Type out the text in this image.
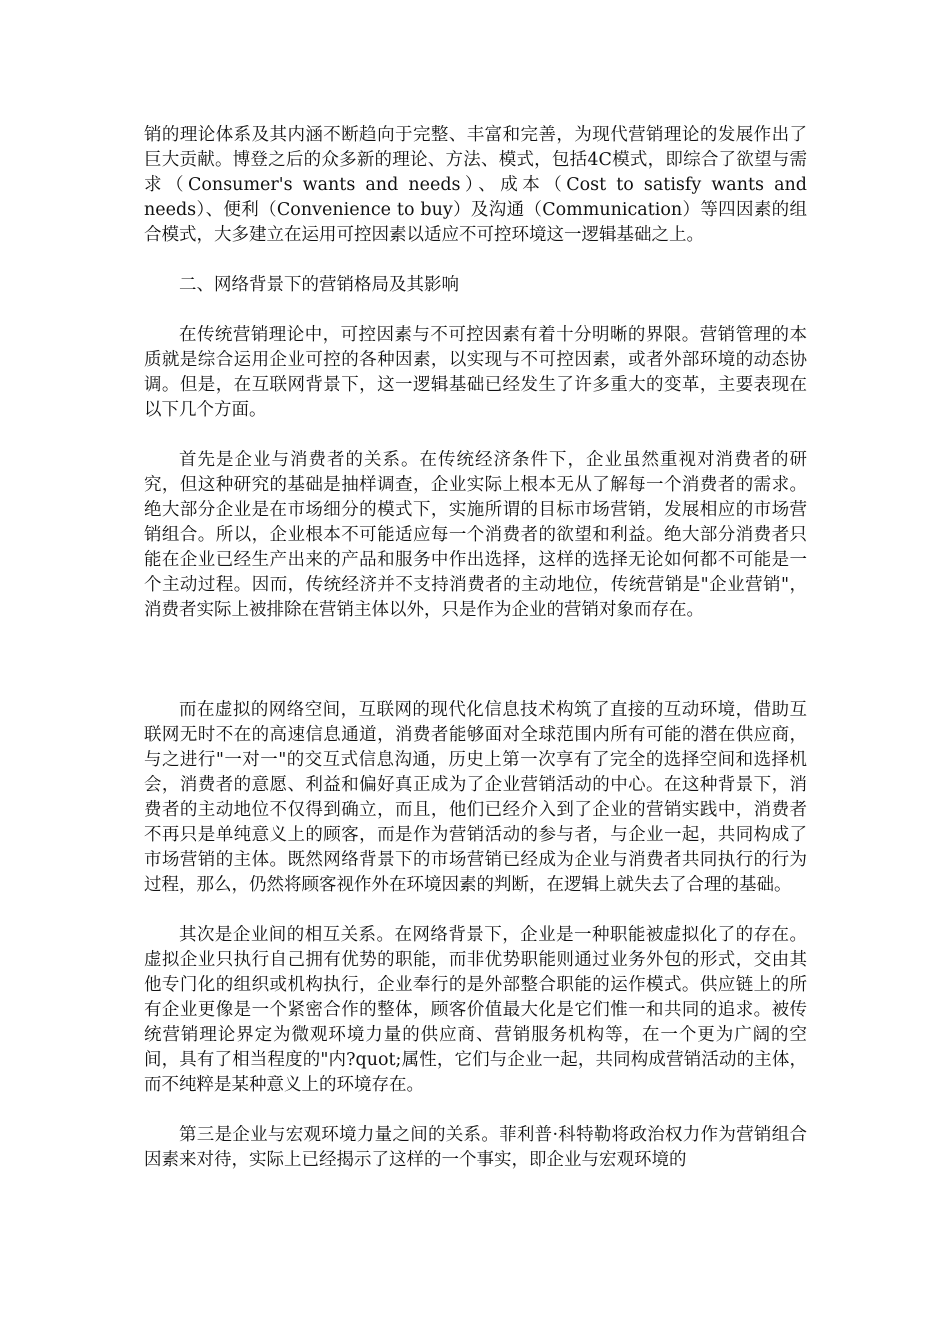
销的理论体系及其内涵不断趋向于完整、丰富和完善，为现代营销理论的发展作出了巨大贡献。博登之后的众多新的理论、方法、模式，包括4C模式，即综合了欲望与需求（Consumer's wants and needs）、成本（Cost to satisfy wants and needs）、便利（Convenience to buy）及沟通（Communication）等四因素的组合模式，大多建立在运用可控因素以适应不可控环境这一逻辑基础之上。

二、网络背景下的营销格局及其影响

在传统营销理论中，可控因素与不可控因素有着十分明晰的界限。营销管理的本质就是综合运用企业可控的各种因素，以实现与不可控因素，或者外部环境的动态协调。但是，在互联网背景下，这一逻辑基础已经发生了许多重大的变革，主要表现在以下几个方面。

首先是企业与消费者的关系。在传统经济条件下，企业虽然重视对消费者的研究，但这种研究的基础是抽样调查，企业实际上根本无从了解每一个消费者的需求。绝大部分企业是在市场细分的模式下，实施所谓的目标市场营销，发展相应的市场营销组合。所以，企业根本不可能适应每一个消费者的欲望和利益。绝大部分消费者只能在企业已经生产出来的产品和服务中作出选择，这样的选择无论如何都不可能是一个主动过程。因而，传统经济并不支持消费者的主动地位，传统营销是"企业营销"，消费者实际上被排除在营销主体以外，只是作为企业的营销对象而存在。

而在虚拟的网络空间，互联网的现代化信息技术构筑了直接的互动环境，借助互联网无时不在的高速信息通道，消费者能够面对全球范围内所有可能的潜在供应商，与之进行"一对一"的交互式信息沟通，历史上第一次享有了完全的选择空间和选择机会，消费者的意愿、利益和偏好真正成为了企业营销活动的中心。在这种背景下，消费者的主动地位不仅得到确立，而且，他们已经介入到了企业的营销实践中，消费者不再只是单纯意义上的顾客，而是作为营销活动的参与者，与企业一起，共同构成了市场营销的主体。既然网络背景下的市场营销已经成为企业与消费者共同执行的行为过程，那么，仍然将顾客视作外在环境因素的判断，在逻辑上就失去了合理的基础。

其次是企业间的相互关系。在网络背景下，企业是一种职能被虚拟化了的存在。虚拟企业只执行自己拥有优势的职能，而非优势职能则通过业务外包的形式，交由其他专门化的组织或机构执行，企业奉行的是外部整合职能的运作模式。供应链上的所有企业更像是一个紧密合作的整体，顾客价值最大化是它们惟一和共同的追求。被传统营销理论界定为微观环境力量的供应商、营销服务机构等，在一个更为广阔的空间，具有了相当程度的"内?quot;属性，它们与企业一起，共同构成营销活动的主体，而不纯粹是某种意义上的环境存在。

第三是企业与宏观环境力量之间的关系。菲利普·科特勒将政治权力作为营销组合因素来对待，实际上已经揭示了这样的一个事实，即企业与宏观环境的
